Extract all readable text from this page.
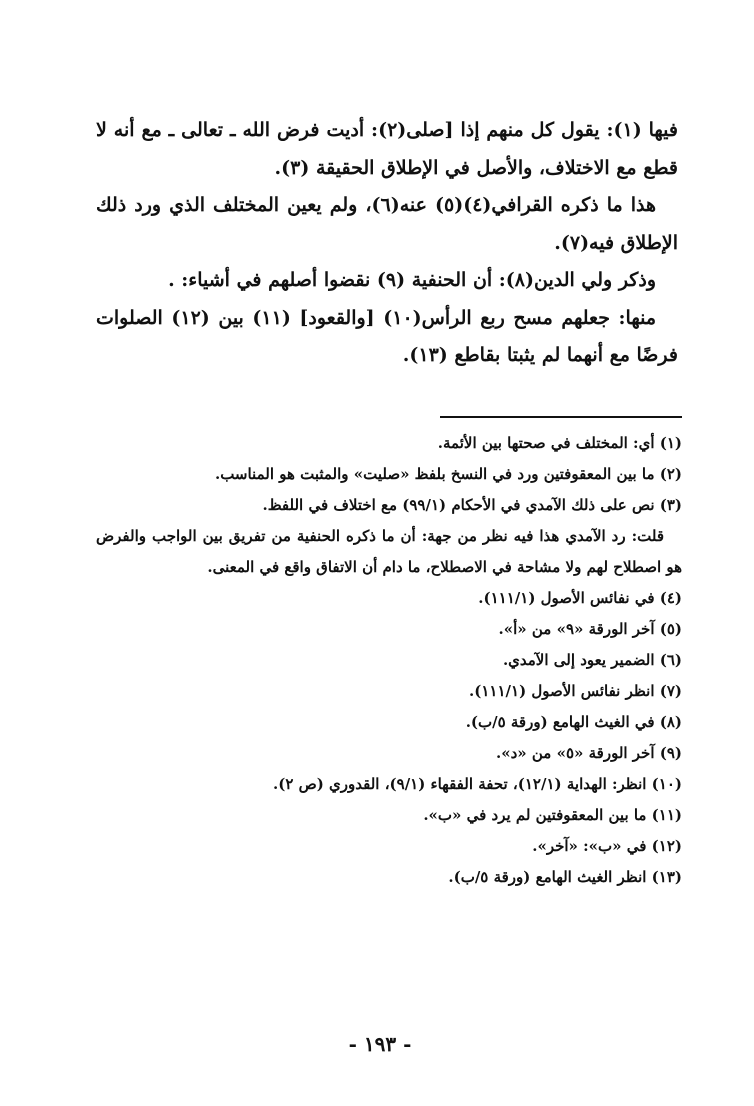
فيها (١): يقول كل منهم إذا [صلى(٢): أديت فرض الله ـ تعالى ـ مع أنه لا قطع مع الاختلاف، والأصل في الإطلاق الحقيقة (٣).

هذا ما ذكره القرافي(٤)(٥) عنه(٦)، ولم يعين المختلف الذي ورد ذلك الإطلاق فيه(٧).

وذكر ولي الدين(٨): أن الحنفية (٩) نقضوا أصلهم في أشياء: .

منها: جعلهم مسح ربع الرأس(١٠) [والقعود] (١١) بين (١٢) الصلوات فرضًا مع أنهما لم يثبتا بقاطع (١٣).

(١) أي: المختلف في صحتها بين الأئمة.

(٢) ما بين المعقوفتين ورد في النسخ بلفظ «صليت» والمثبت هو المناسب.

(٣) نص على ذلك الآمدي في الأحكام (٩٩/١) مع اختلاف في اللفظ.

قلت: رد الآمدي هذا فيه نظر من جهة: أن ما ذكره الحنفية من تفريق بين الواجب والفرض هو اصطلاح لهم ولا مشاحة في الاصطلاح، ما دام أن الاتفاق واقع في المعنى.

(٤) في نفائس الأصول (١١١/١).

(٥) آخر الورقة «٩» من «أ».

(٦) الضمير يعود إلى الآمدي.

(٧) انظر نفائس الأصول (١١١/١).

(٨) في الغيث الهامع (ورقة ٥/ب).

(٩) آخر الورقة «٥» من «د».

(١٠) انظر: الهداية (١٢/١)، تحفة الفقهاء (٩/١)، القدوري (ص ٢).

(١١) ما بين المعقوفتين لم يرد في «ب».

(١٢) في «ب»: «آخر».

(١٣) انظر الغيث الهامع (ورقة ٥/ب).

- ١٩٣ -
